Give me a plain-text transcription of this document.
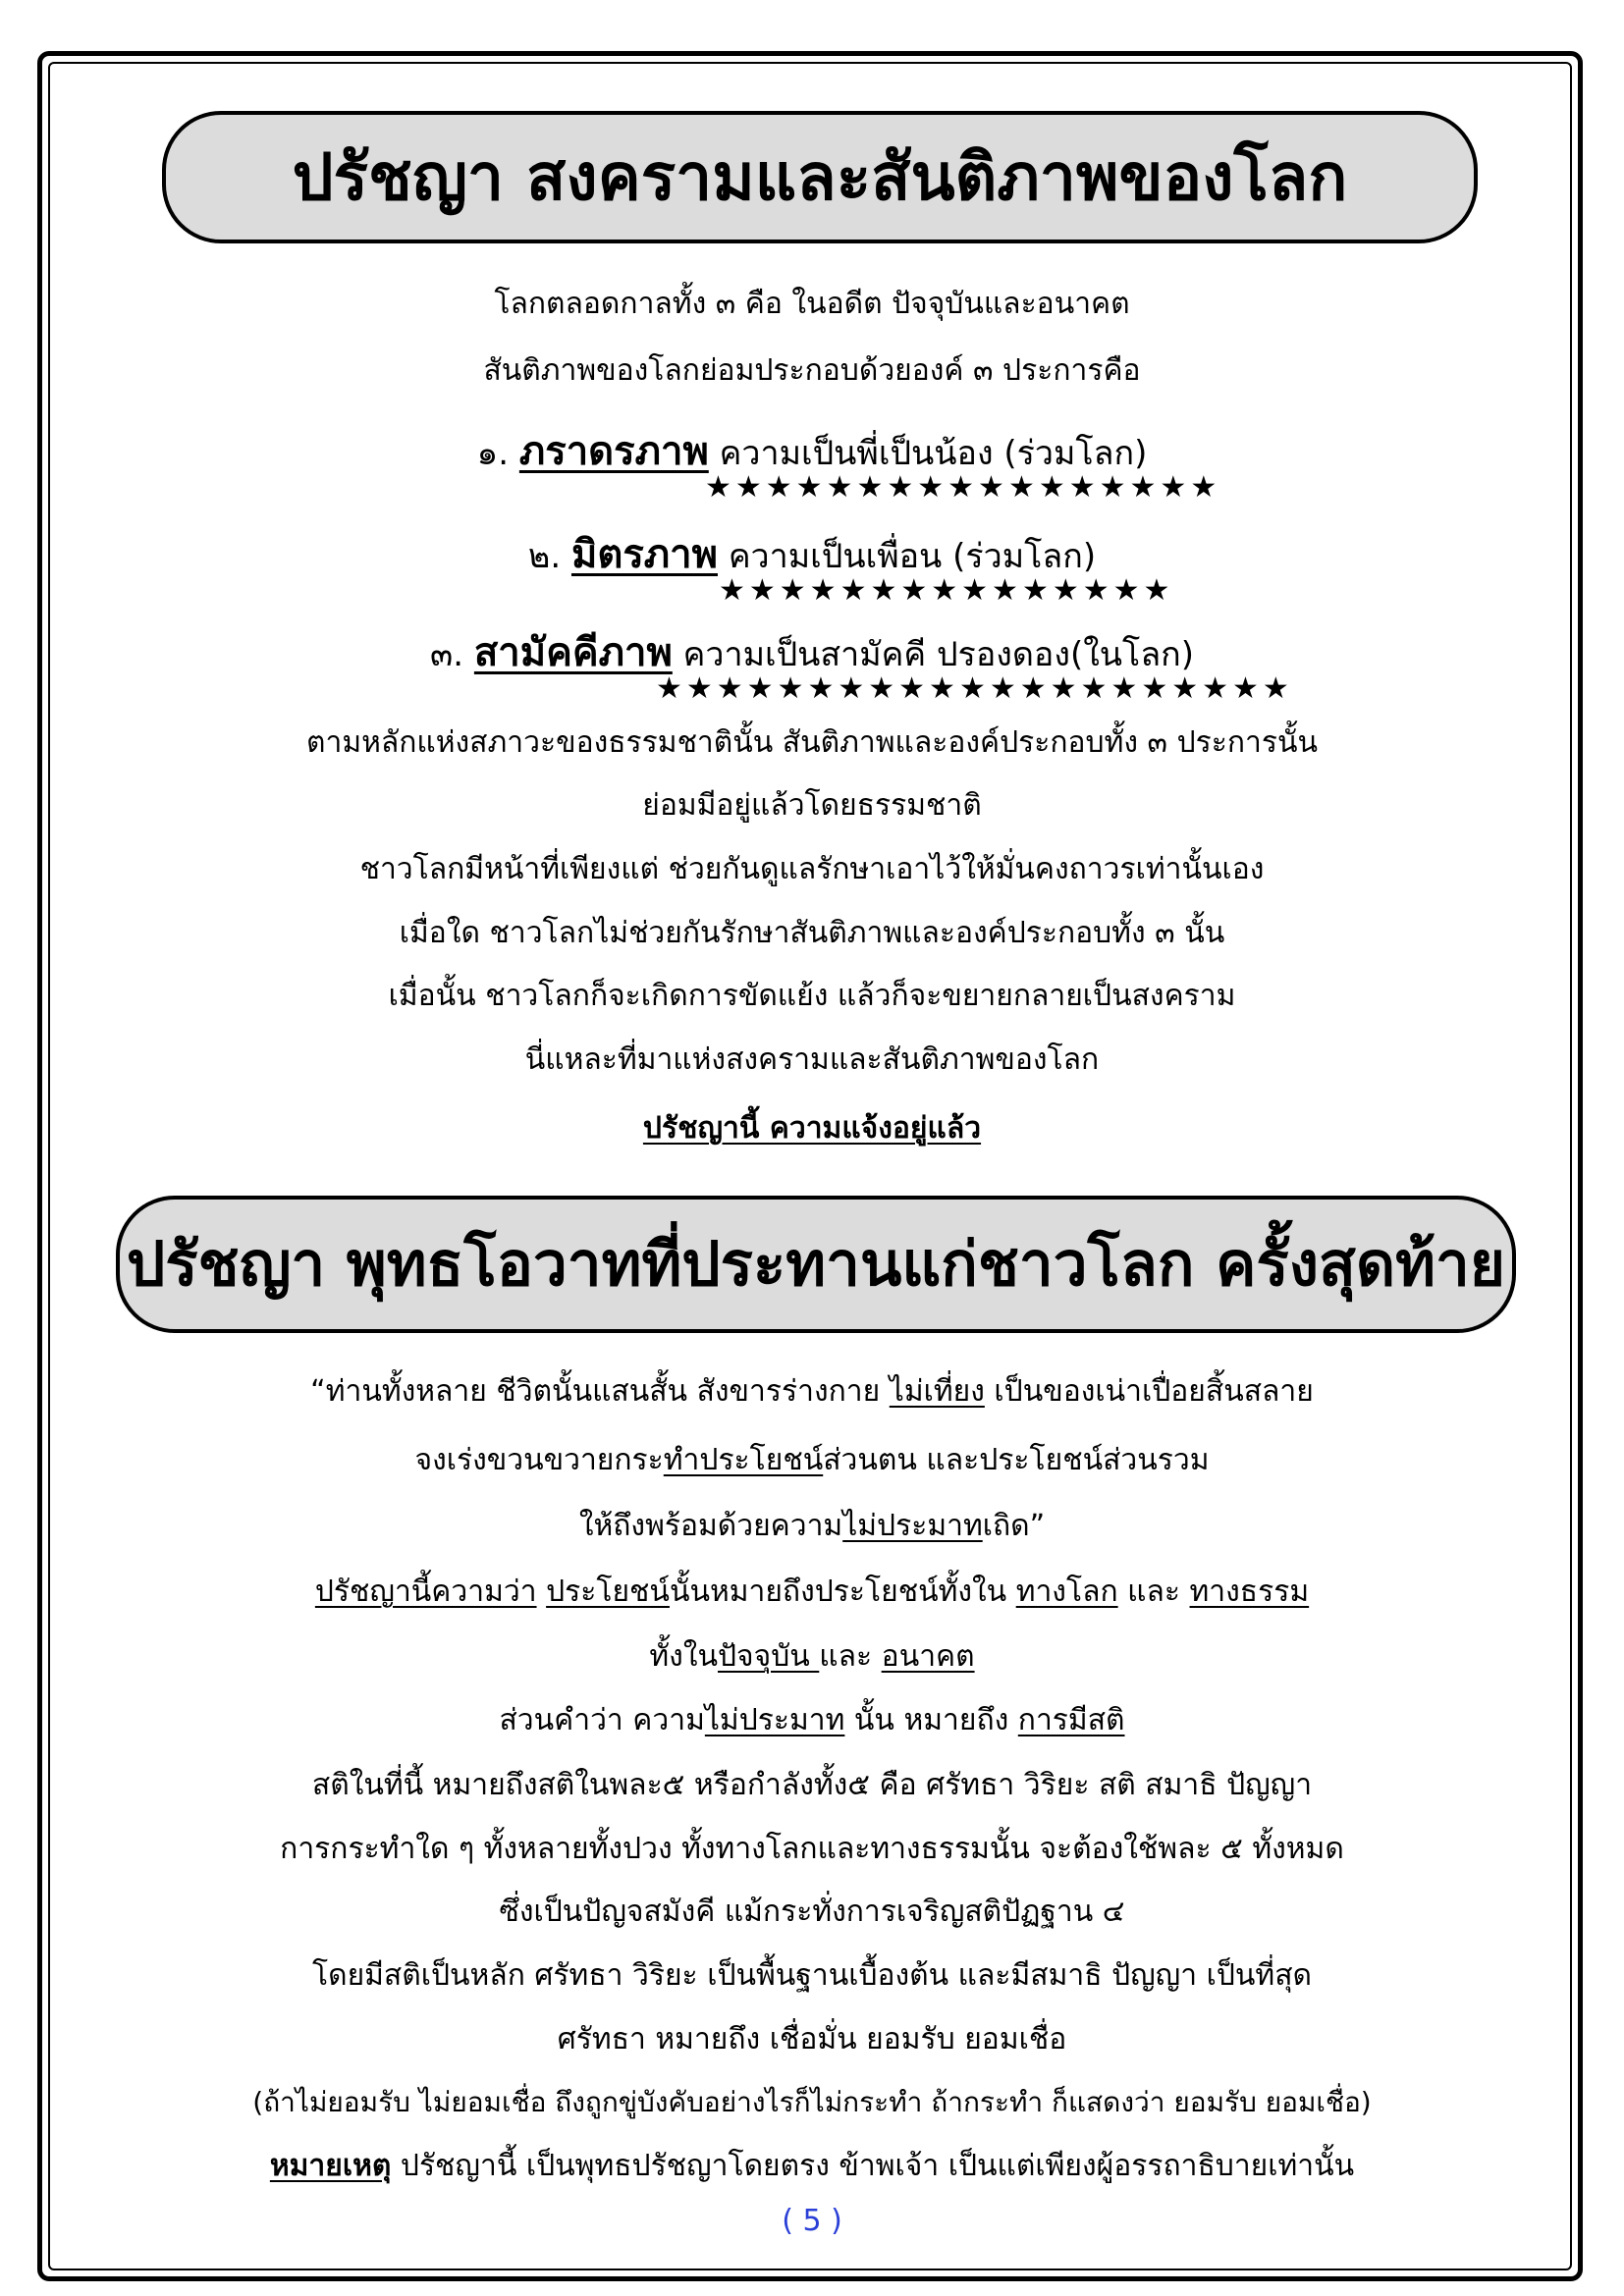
ปรัชญา สงครามและสันติภาพของโลก
โลกตลอดกาลทั้ง ๓ คือ ในอดีต ปัจจุบันและอนาคต
สันติภาพของโลกย่อมประกอบด้วยองค์ ๓ ประการคือ
๑. ภราดรภาพ ความเป็นพี่เป็นน้อง (ร่วมโลก)
★★★★★★★★★★★★★★★★★
๒. มิตรภาพ ความเป็นเพื่อน (ร่วมโลก)
★★★★★★★★★★★★★★★
๓. สามัคคีภาพ ความเป็นสามัคคี ปรองดอง(ในโลก)
★★★★★★★★★★★★★★★★★★★★★
ตามหลักแห่งสภาวะของธรรมชาตินั้น สันติภาพและองค์ประกอบทั้ง ๓ ประการนั้น
ย่อมมีอยู่แล้วโดยธรรมชาติ
ชาวโลกมีหน้าที่เพียงแต่ ช่วยกันดูแลรักษาเอาไว้ให้มั่นคงถาวรเท่านั้นเอง
เมื่อใด ชาวโลกไม่ช่วยกันรักษาสันติภาพและองค์ประกอบทั้ง ๓ นั้น
เมื่อนั้น ชาวโลกก็จะเกิดการขัดแย้ง แล้วก็จะขยายกลายเป็นสงคราม
นี่แหละที่มาแห่งสงครามและสันติภาพของโลก
ปรัชญานี้ ความแจ้งอยู่แล้ว
ปรัชญา พุทธโอวาทที่ประทานแก่ชาวโลก ครั้งสุดท้าย
“ท่านทั้งหลาย ชีวิตนั้นแสนสั้น สังขารร่างกาย ไม่เที่ยง เป็นของเน่าเปื่อยสิ้นสลาย
จงเร่งขวนขวายกระทำประโยชน์ส่วนตน และประโยชน์ส่วนรวม
ให้ถึงพร้อมด้วยความไม่ประมาทเถิด”
ปรัชญานี้ความว่า ประโยชน์นั้นหมายถึงประโยชน์ทั้งใน ทางโลก และ ทางธรรม
ทั้งในปัจจุบัน และ อนาคต
ส่วนคำว่า ความไม่ประมาท นั้น หมายถึง การมีสติ
สติในที่นี้ หมายถึงสติในพละ๕ หรือกำลังทั้ง๕ คือ ศรัทธา วิริยะ สติ สมาธิ ปัญญา
การกระทำใด ๆ ทั้งหลายทั้งปวง ทั้งทางโลกและทางธรรมนั้น จะต้องใช้พละ ๕ ทั้งหมด
ซึ่งเป็นปัญจสมังคี แม้กระทั่งการเจริญสติปัฏฐาน ๔
โดยมีสติเป็นหลัก ศรัทธา วิริยะ เป็นพื้นฐานเบื้องต้น และมีสมาธิ ปัญญา เป็นที่สุด
ศรัทธา หมายถึง เชื่อมั่น ยอมรับ ยอมเชื่อ
(ถ้าไม่ยอมรับ ไม่ยอมเชื่อ ถึงถูกขู่บังคับอย่างไรก็ไม่กระทำ ถ้ากระทำ ก็แสดงว่า ยอมรับ ยอมเชื่อ)
หมายเหตุ ปรัชญานี้ เป็นพุทธปรัชญาโดยตรง ข้าพเจ้า เป็นแต่เพียงผู้อรรถาธิบายเท่านั้น
( 5 )
